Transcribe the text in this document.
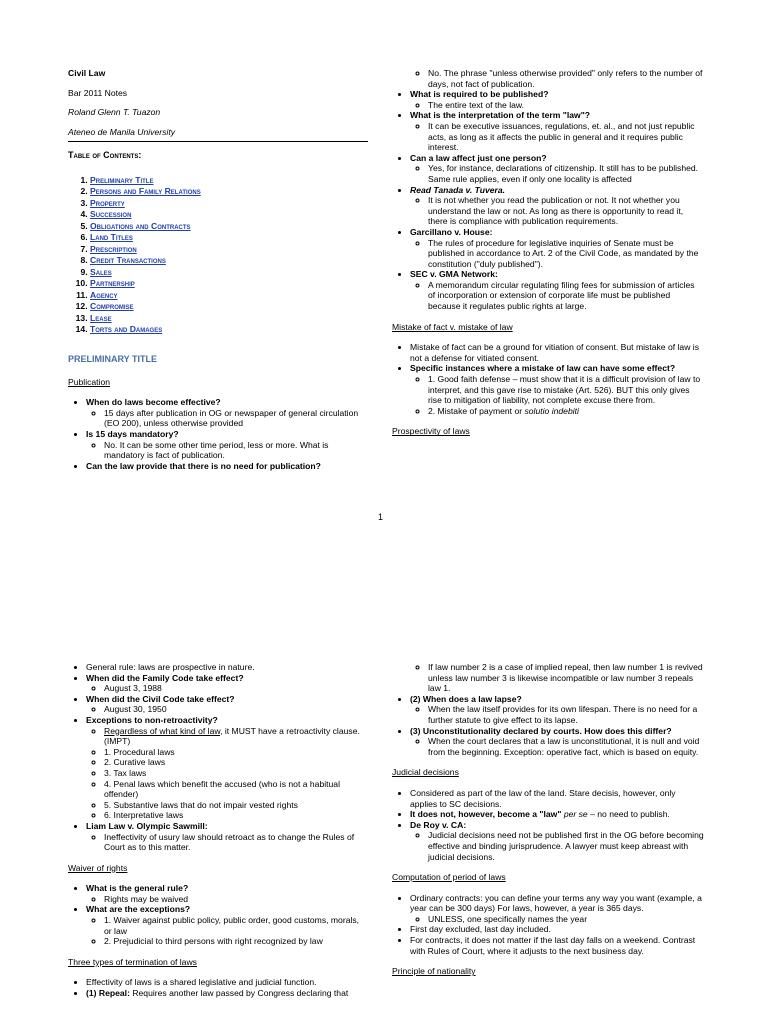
Civil Law

Bar 2011 Notes

Roland Glenn T. Tuazon

Ateneo de Manila University

Table of Contents:
1. Preliminary Title
2. Persons and Family Relations
3. Property
4. Succession
5. Obligations and Contracts
6. Land Titles
7. Prescription
8. Credit Transactions
9. Sales
10. Partnership
11. Agency
12. Compromise
13. Lease
14. Torts and Damages
PRELIMINARY TITLE
Publication
• When do laws become effective?
◦ 15 days after publication in OG or newspaper of general circulation (EO 200), unless otherwise provided
• Is 15 days mandatory?
◦ No. It can be some other time period, less or more. What is mandatory is fact of publication.
• Can the law provide that there is no need for publication?
◦ No. The phrase "unless otherwise provided" only refers to the number of days, not fact of publication.
• What is required to be published?
◦ The entire text of the law.
• What is the interpretation of the term "law"?
◦ It can be executive issuances, regulations, et. al., and not just republic acts, as long as it affects the public in general and it requires public interest.
• Can a law affect just one person?
◦ Yes, for instance, declarations of citizenship. It still has to be published. Same rule applies, even if only one locality is affected
• Read Tanada v. Tuvera.
◦ It is not whether you read the publication or not. It not whether you understand the law or not. As long as there is opportunity to read it, there is compliance with publication requirements.
• Garcillano v. House:
◦ The rules of procedure for legislative inquiries of Senate must be published in accordance to Art. 2 of the Civil Code, as mandated by the constitution ("duly published").
• SEC v. GMA Network:
◦ A memorandum circular regulating filing fees for submission of articles of incorporation or extension of corporate life must be published because it regulates public rights at large.
Mistake of fact v. mistake of law
• Mistake of fact can be a ground for vitiation of consent. But mistake of law is not a defense for vitiated consent.
• Specific instances where a mistake of law can have some effect?
◦ 1. Good faith defense – must show that it is a difficult provision of law to interpret, and this gave rise to mistake (Art. 526). BUT this only gives rise to mitigation of liability, not complete excuse there from.
◦ 2. Mistake of payment or solutio indebiti
Prospectivity of laws
1
• General rule: laws are prospective in nature.
• When did the Family Code take effect?
◦ August 3, 1988
• When did the Civil Code take effect?
◦ August 30, 1950
• Exceptions to non-retroactivity?
◦ Regardless of what kind of law, it MUST have a retroactivity clause. (IMPT)
◦ 1. Procedural laws
◦ 2. Curative laws
◦ 3. Tax laws
◦ 4. Penal laws which benefit the accused (who is not a habitual offender)
◦ 5. Substantive laws that do not impair vested rights
◦ 6. Interpretative laws
• Liam Law v. Olympic Sawmill:
◦ Ineffectivity of usury law should retroact as to change the Rules of Court as to this matter.
Waiver of rights
• What is the general rule?
◦ Rights may be waived
• What are the exceptions?
◦ 1. Waiver against public policy, public order, good customs, morals, or law
◦ 2. Prejudicial to third persons with right recognized by law
Three types of termination of laws
• Effectivity of laws is a shared legislative and judicial function.
• (1) Repeal: Requires another law passed by Congress declaring that
◦ If law number 2 is a case of implied repeal, then law number 1 is revived unless law number 3 is likewise incompatible or law number 3 repeals law 1.
• (2) When does a law lapse?
◦ When the law itself provides for its own lifespan. There is no need for a further statute to give effect to its lapse.
• (3) Unconstitutionality declared by courts. How does this differ?
◦ When the court declares that a law is unconstitutional, it is null and void from the beginning. Exception: operative fact, which is based on equity.
Judicial decisions
• Considered as part of the law of the land. Stare decisis, however, only applies to SC decisions.
• It does not, however, become a "law" per se – no need to publish.
• De Roy v. CA:
◦ Judicial decisions need not be published first in the OG before becoming effective and binding jurisprudence. A lawyer must keep abreast with judicial decisions.
Computation of period of laws
• Ordinary contracts: you can define your terms any way you want (example, a year can be 300 days) For laws, however, a year is 365 days.
◦ UNLESS, one specifically names the year
• First day excluded, last day included.
• For contracts, it does not matter if the last day falls on a weekend. Contrast with Rules of Court, where it adjusts to the next business day.
Principle of nationality
